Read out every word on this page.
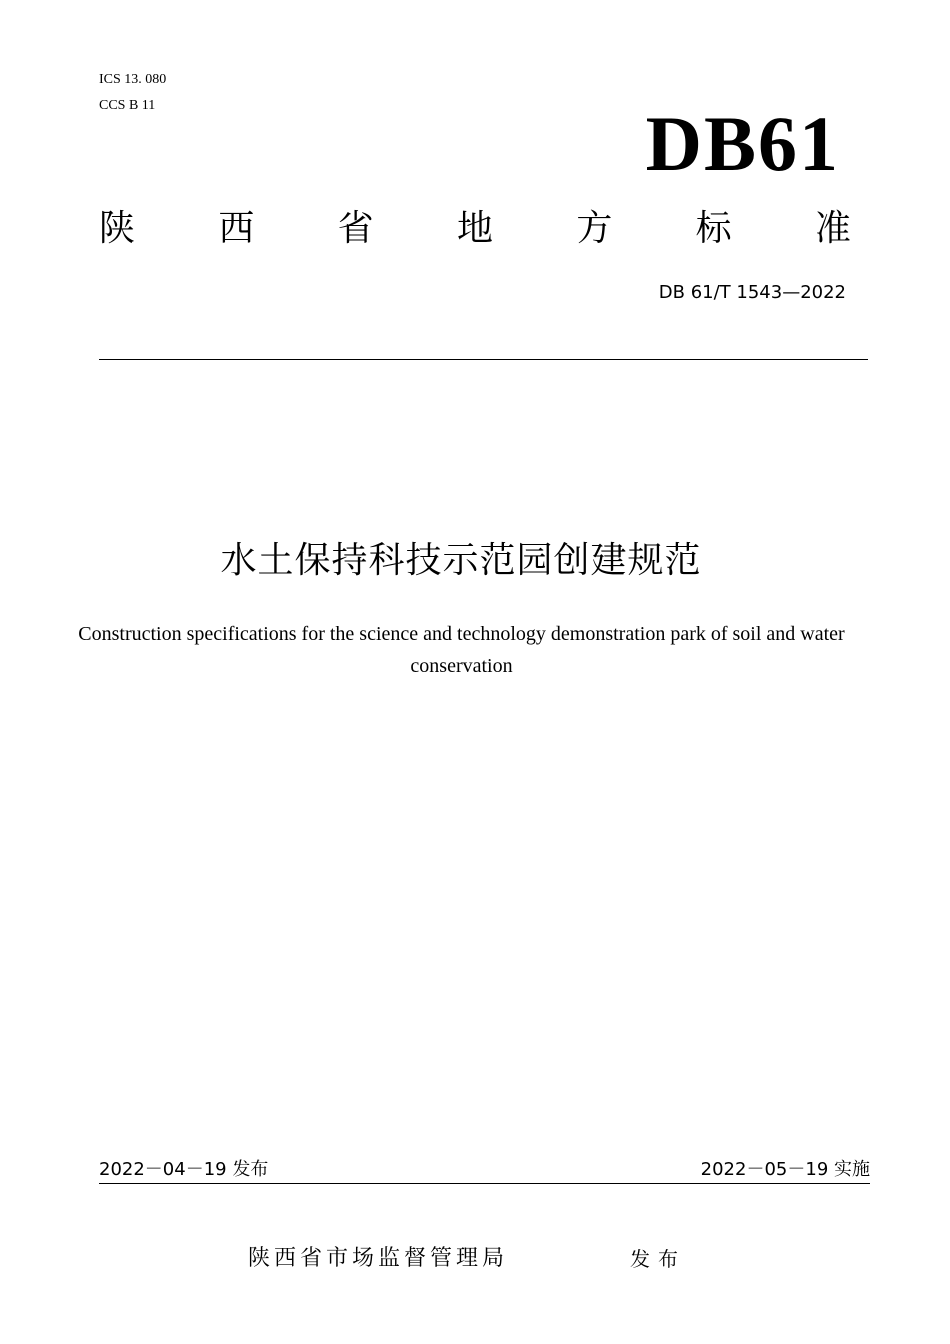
ICS 13. 080
CCS B 11	DB61
陕 西 省 地 方 标 准
DB 61/T 1543—2022
水土保持科技示范园创建规范
Construction specifications for the science and technology demonstration park of soil and water conservation
2022－04－19 发布	2022－05－19 实施
陕西省市场监督管理局	发布
